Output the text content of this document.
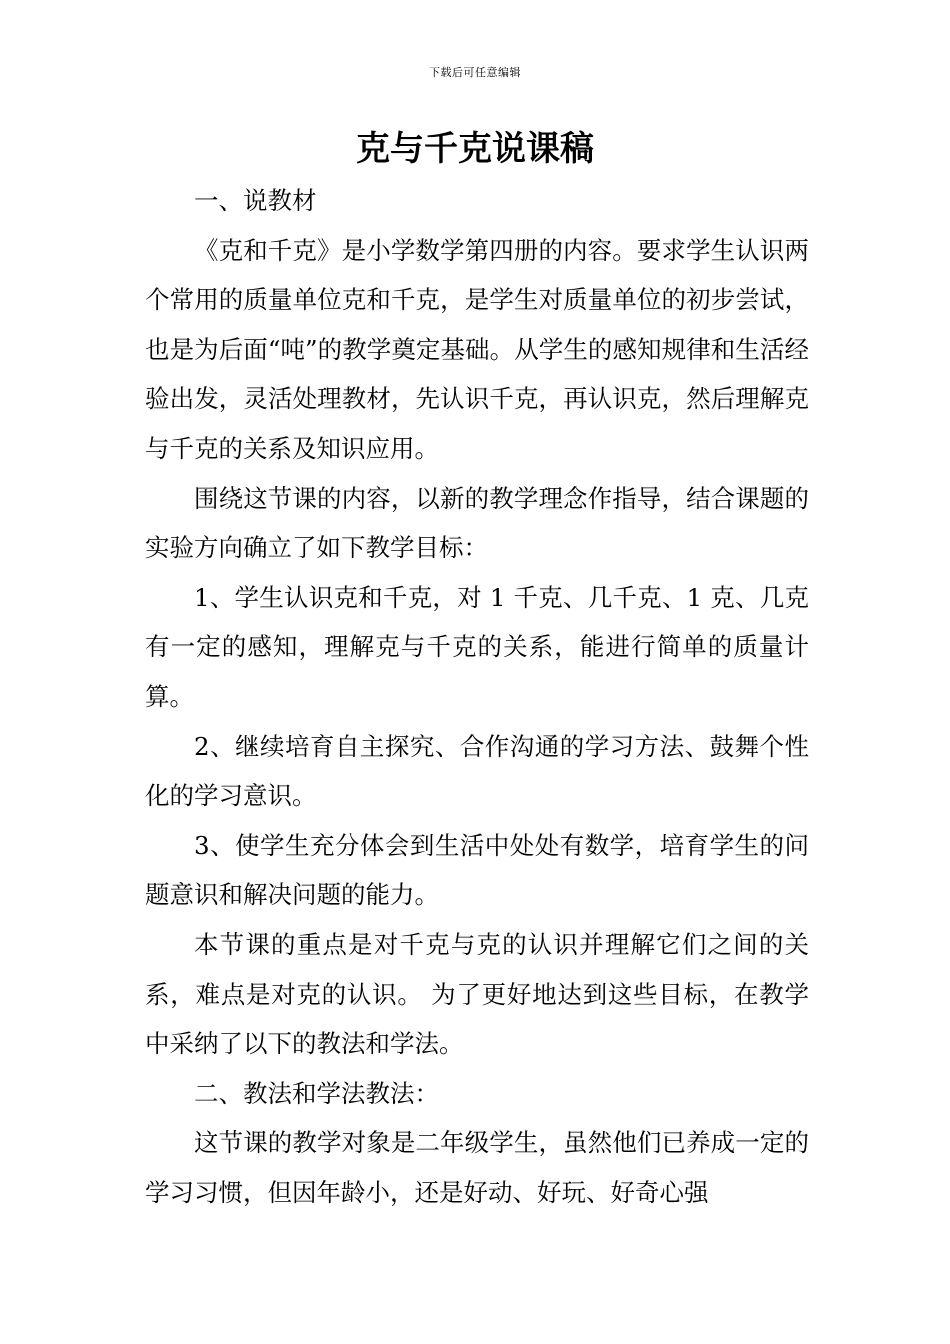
下载后可任意编辑
克与千克说课稿

一、说教材

《克和千克》是小学数学第四册的内容。要求学生认识两个常用的质量单位克和千克，是学生对质量单位的初步尝试，也是为后面“吨”的教学奠定基础。从学生的感知规律和生活经验出发，灵活处理教材，先认识千克，再认识克，然后理解克与千克的关系及知识应用。

围绕这节课的内容，以新的教学理念作指导，结合课题的实验方向确立了如下教学目标：

1、学生认识克和千克，对 1 千克、几千克、1 克、几克有一定的感知，理解克与千克的关系，能进行简单的质量计算。

2、继续培育自主探究、合作沟通的学习方法、鼓舞个性化的学习意识。

3、使学生充分体会到生活中处处有数学，培育学生的问题意识和解决问题的能力。

本节课的重点是对千克与克的认识并理解它们之间的关系，难点是对克的认识。 为了更好地达到这些目标，在教学中采纳了以下的教法和学法。

二、教法和学法教法：

这节课的教学对象是二年级学生，虽然他们已养成一定的学习习惯，但因年龄小，还是好动、好玩、好奇心强
